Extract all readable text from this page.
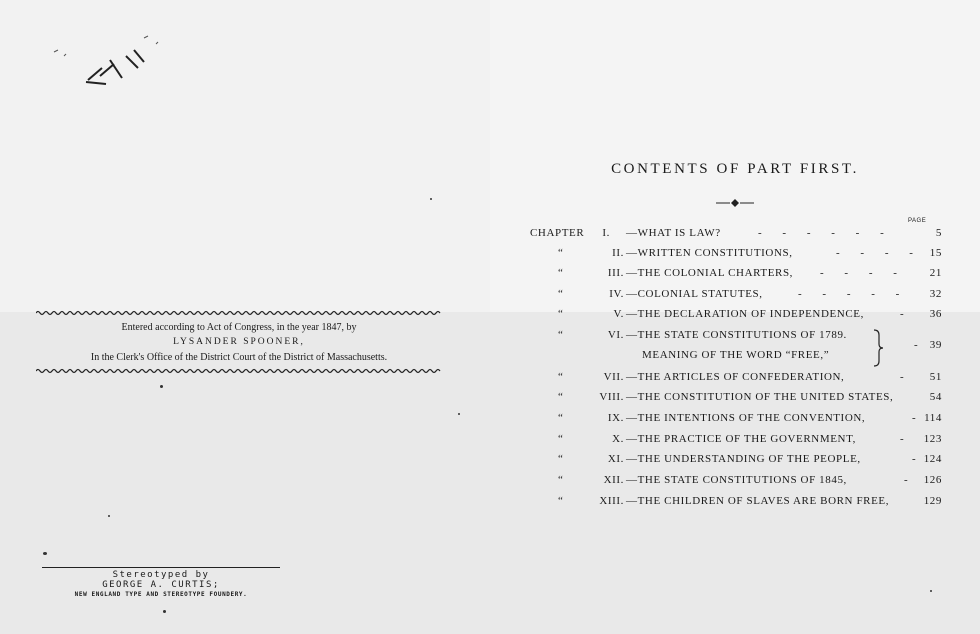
Entered according to Act of Congress, in the year 1847, by
LYSANDER SPOONER,
In the Clerk's Office of the District Court of the District of Massachusetts.
Stereotyped by
GEORGE A. CURTIS;
NEW ENGLAND TYPE AND STEREOTYPE FOUNDERY.
CONTENTS OF PART FIRST.
PAGE
CHAPTER	I. —WHAT IS LAW?	- - - - - -	5
“	II. —WRITTEN CONSTITUTIONS,	- - - - 15
“	III. —THE COLONIAL CHARTERS, - - - - 21
“	IV. —COLONIAL STATUTES,	- - - - - 32
“	V. —THE DECLARATION OF INDEPENDENCE,	- 36
“	VI. —THE STATE CONSTITUTIONS OF 1789.
MEANING OF THE WORD “FREE,”
- 39
“	VII. —THE ARTICLES OF CONFEDERATION,	- 51
“	VIII. —THE CONSTITUTION OF THE UNITED STATES,	54
“	IX. —THE INTENTIONS OF THE CONVENTION,	- 114
“	X. —THE PRACTICE OF THE GOVERNMENT,	- 123
“	XI. —THE UNDERSTANDING OF THE PEOPLE,	- 124
“	XII. —THE STATE CONSTITUTIONS OF 1845,	- 126
“	XIII. —THE CHILDREN OF SLAVES ARE BORN FREE,	129
